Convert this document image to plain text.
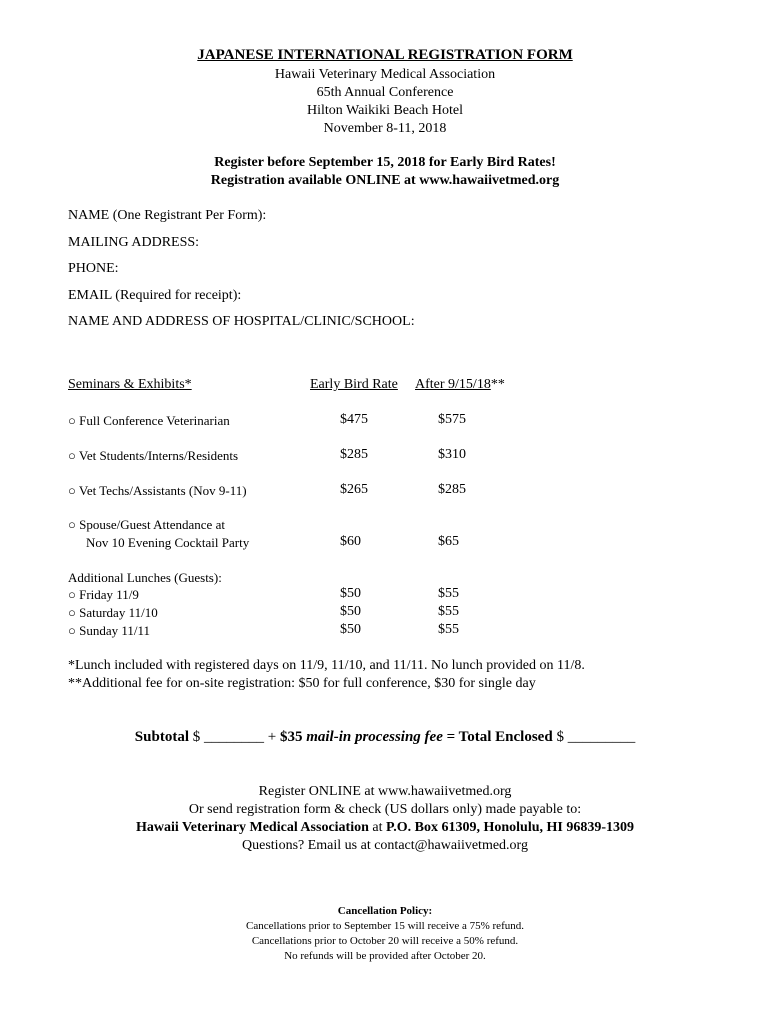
JAPANESE INTERNATIONAL REGISTRATION FORM
Hawaii Veterinary Medical Association
65th Annual Conference
Hilton Waikiki Beach Hotel
November 8-11, 2018
Register before September 15, 2018 for Early Bird Rates!
Registration available ONLINE at www.hawaiivetmed.org
NAME (One Registrant Per Form):
MAILING ADDRESS:
PHONE:
EMAIL (Required for receipt):
NAME AND ADDRESS OF HOSPITAL/CLINIC/SCHOOL:
Seminars & Exhibits*	Early Bird Rate After 9/15/18**
○ Full Conference Veterinarian	$475	$575
○ Vet Students/Interns/Residents	$285	$310
○ Vet Techs/Assistants (Nov 9-11)	$265	$285
○ Spouse/Guest Attendance at
Nov 10 Evening Cocktail Party	$60	$65
Additional Lunches (Guests):
○ Friday 11/9	$50	$55
○ Saturday 11/10	$50	$55
○ Sunday 11/11	$50	$55
*Lunch included with registered days on 11/9, 11/10, and 11/11. No lunch provided on 11/8.
**Additional fee for on-site registration: $50 for full conference, $30 for single day
Subtotal $ ________ + $35 mail-in processing fee = Total Enclosed $ _________
Register ONLINE at www.hawaiivetmed.org
Or send registration form & check (US dollars only) made payable to:
Hawaii Veterinary Medical Association at P.O. Box 61309, Honolulu, HI 96839-1309
Questions? Email us at contact@hawaiivetmed.org
Cancellation Policy:
Cancellations prior to September 15 will receive a 75% refund.
Cancellations prior to October 20 will receive a 50% refund.
No refunds will be provided after October 20.
